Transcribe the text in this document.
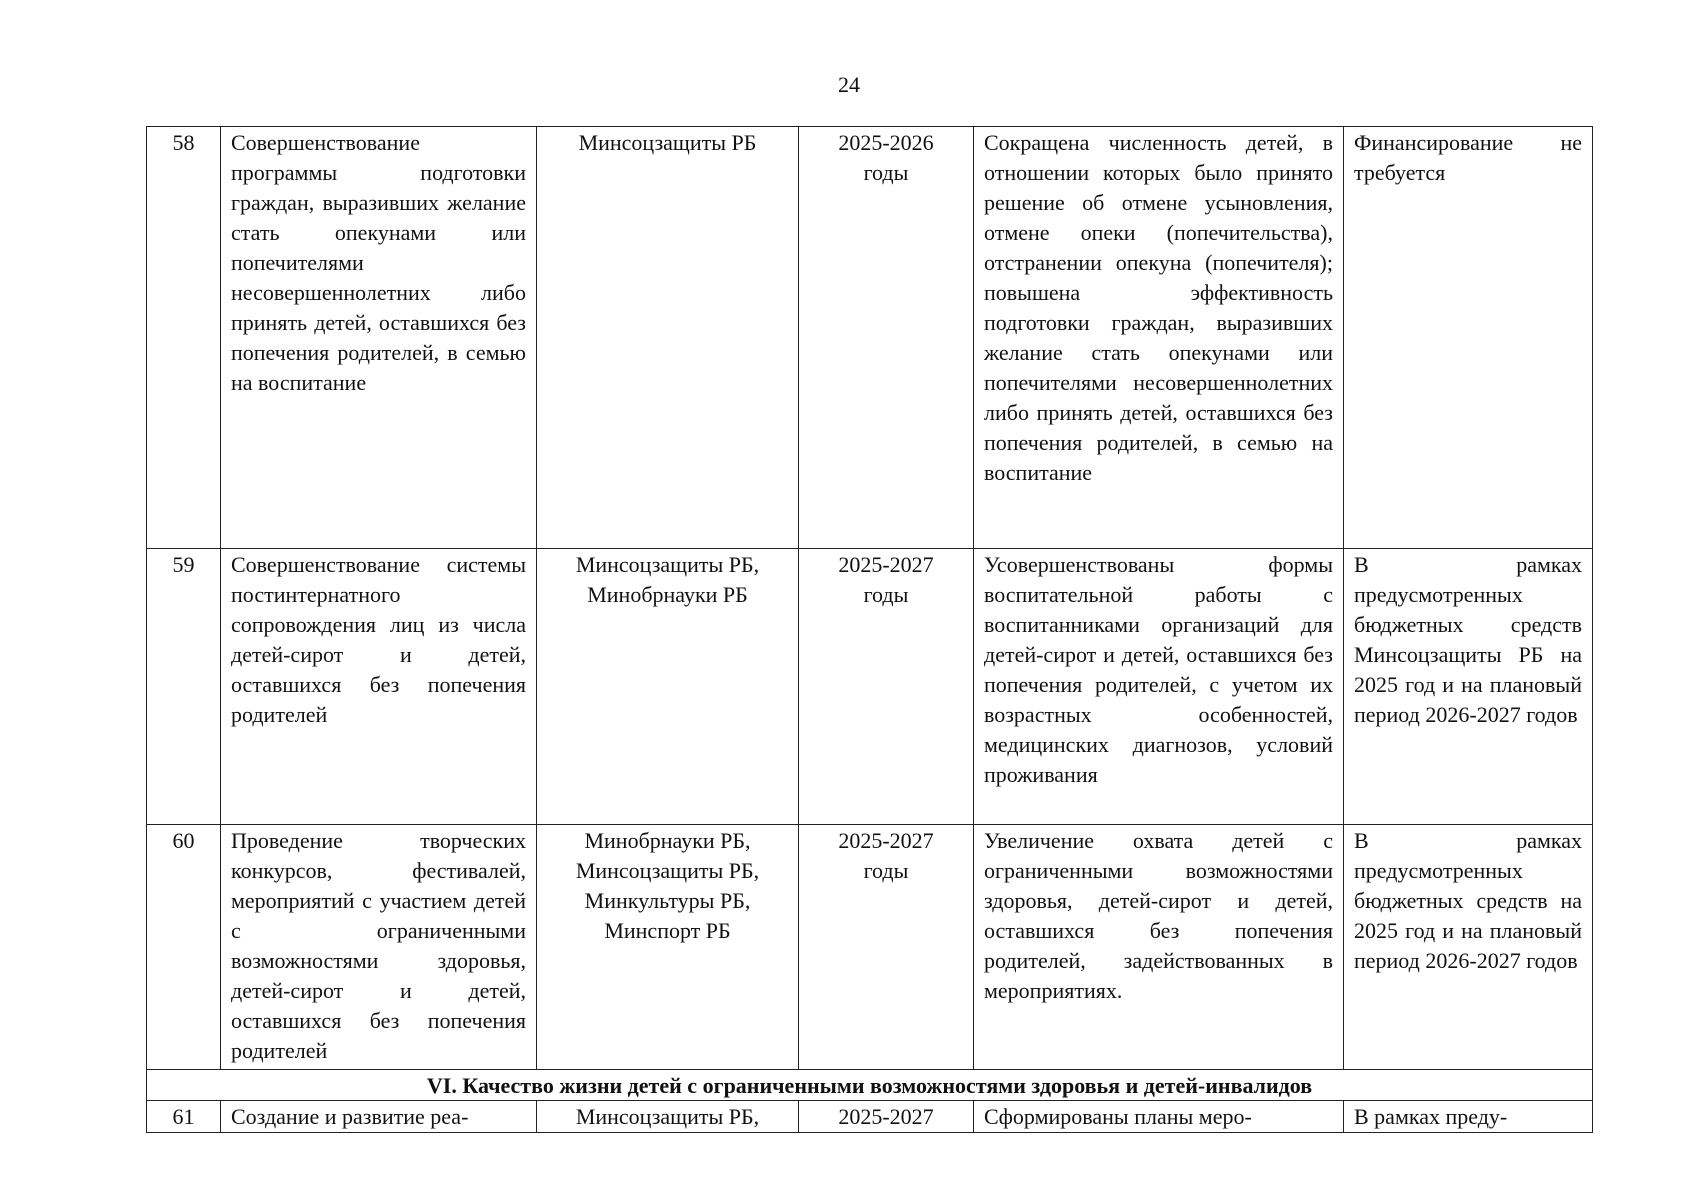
24
58	Совершенствование программы подготовки граждан, выразивших желание стать опекунами или попечителями несовершеннолетних либо принять детей, оставшихся без попечения родителей, в семью на воспитание	Минсоцзащиты РБ	2025-2026
годы	Сокращена численность детей, в отношении которых было принято решение об отмене усыновления, отмене опеки (попечительства), отстранении опекуна (попечителя); повышена эффективность подготовки граждан, выразивших желание стать опекунами или попечителями несовершеннолетних либо принять детей, оставшихся без попечения родителей, в семью на воспитание	Финансирование не требуется
59	Совершенствование системы постинтернатного сопровождения лиц из числа детей-сирот и детей, оставшихся без попечения родителей	Минсоцзащиты РБ,
Минобрнауки РБ	2025-2027
годы	Усовершенствованы формы воспитательной работы с воспитанниками организаций для детей-сирот и детей, оставшихся без попечения родителей, с учетом их возрастных особенностей, медицинских диагнозов, условий проживания	В рамках предусмотренных бюджетных средств Минсоцзащиты РБ на 2025 год и на плановый период 2026-2027 годов
60	Проведение творческих конкурсов, фестивалей, мероприятий с участием детей с ограниченными возможностями здоровья, детей-сирот и детей, оставшихся без попечения родителей	Минобрнауки РБ,
Минсоцзащиты РБ,
Минкультуры РБ,
Минспорт РБ	2025-2027
годы	Увеличение охвата детей с ограниченными возможностями здоровья, детей-сирот и детей, оставшихся без попечения родителей, задействованных в мероприятиях.	В рамках предусмотренных бюджетных средств на 2025 год и на плановый период 2026-2027 годов
VI. Качество жизни детей с ограниченными возможностями здоровья и детей-инвалидов					
61	Создание и развитие реа-	Минсоцзащиты РБ,	2025-2027	Сформированы планы меро-	В рамках преду-
